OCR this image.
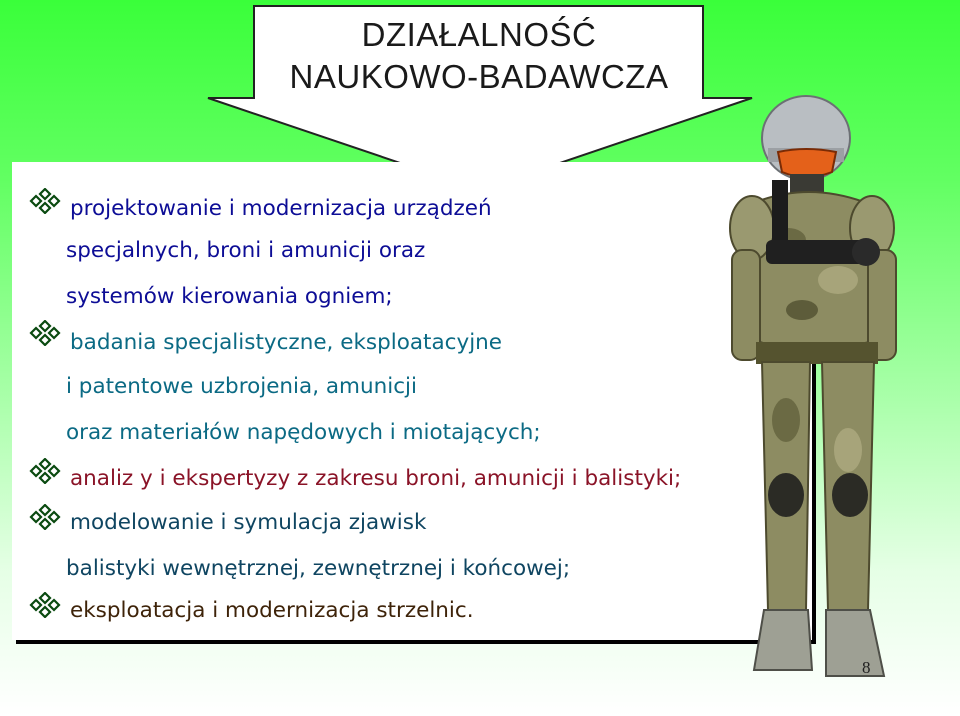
DZIAŁALNOŚĆ
NAUKOWO-BADAWCZA
projektowanie i modernizacja urządzeń
specjalnych, broni i amunicji oraz
systemów kierowania ogniem;
badania specjalistyczne, eksploatacyjne
i patentowe uzbrojenia, amunicji
oraz materiałów napędowych i miotających;
analiz y i ekspertyzy z zakresu broni, amunicji i balistyki;
modelowanie i symulacja zjawisk
balistyki wewnętrznej, zewnętrznej i końcowej;
eksploatacja i modernizacja strzelnic.
8
